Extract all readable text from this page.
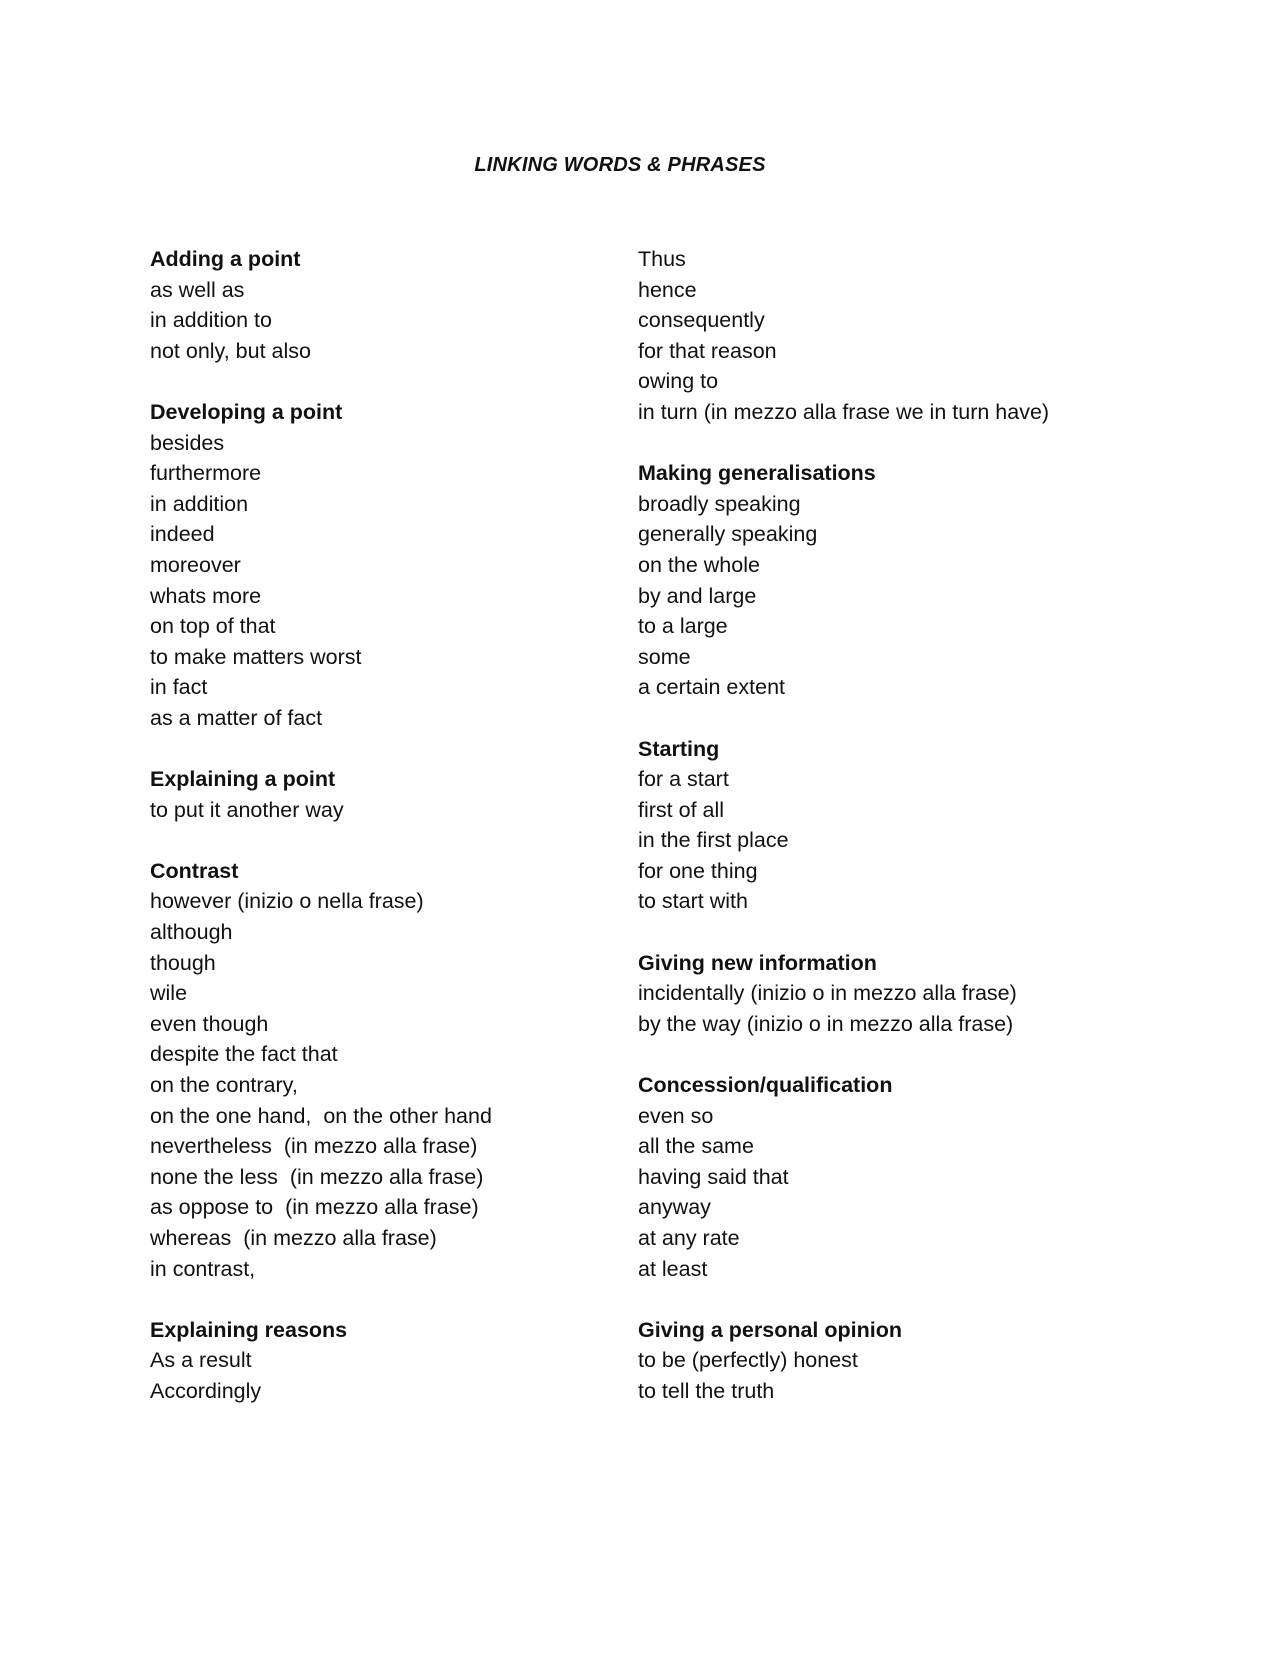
LINKING WORDS & PHRASES
Adding a point
as well as
in addition to
not only, but also
Developing a point
besides
furthermore
in addition
indeed
moreover
whats more
on top of that
to make matters worst
in fact
as a matter of fact
Explaining a point
to put it another way
Contrast
however (inizio o nella frase)
although
though
wile
even though
despite the fact that
on the contrary,
on the one hand,  on the other hand
nevertheless  (in mezzo alla frase)
none the less  (in mezzo alla frase)
as oppose to  (in mezzo alla frase)
whereas  (in mezzo alla frase)
in contrast,
Explaining reasons
As a result
Accordingly
Thus
hence
consequently
for that reason
owing to
in turn (in mezzo alla frase we in turn have)
Making generalisations
broadly speaking
generally speaking
on the whole
by and large
to a large
some
a certain extent
Starting
for a start
first of all
in the first place
for one thing
to start with
Giving new information
incidentally (inizio o in mezzo alla frase)
by the way (inizio o in mezzo alla frase)
Concession/qualification
even so
all the same
having said that
anyway
at any rate
at least
Giving a personal opinion
to be (perfectly) honest
to tell the truth
